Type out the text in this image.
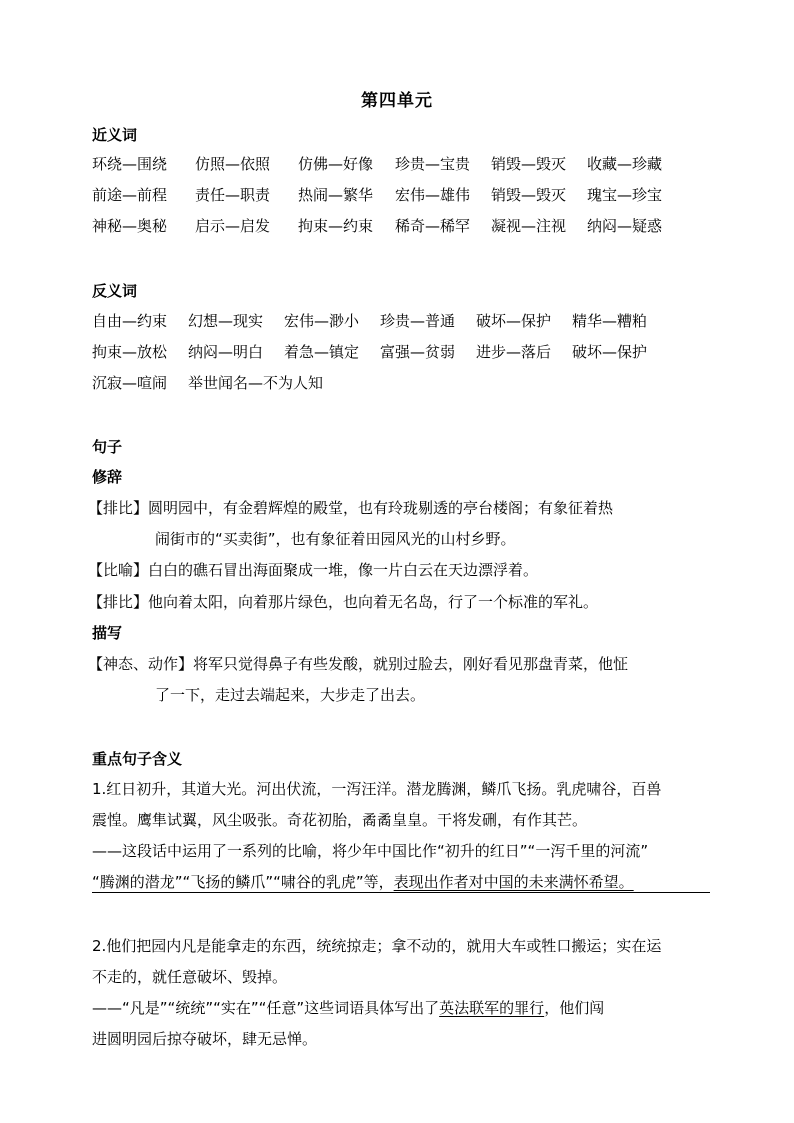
第四单元
近义词
环绕—围绕 仿照—依照 仿佛—好像 珍贵—宝贵 销毁—毁灭 收藏—珍藏
前途—前程 责任—职责 热闹—繁华 宏伟—雄伟 销毁—毁灭 瑰宝—珍宝
神秘—奥秘 启示—启发 拘束—约束 稀奇—稀罕 凝视—注视 纳闷—疑惑
反义词
自由—约束 幻想—现实 宏伟—渺小 珍贵—普通 破坏—保护 精华—糟粕
拘束—放松 纳闷—明白 着急—镇定 富强—贫弱 进步—落后 破坏—保护
沉寂—喧闹 举世闻名—不为人知
句子
修辞
【排比】圆明园中，有金碧辉煌的殿堂，也有玲珑剔透的亭台楼阁；有象征着热
闹街市的“买卖街”，也有象征着田园风光的山村乡野。
【比喻】白白的礁石冒出海面聚成一堆，像一片白云在天边漂浮着。
【排比】他向着太阳，向着那片绿色，也向着无名岛，行了一个标准的军礼。
描写
【神态、动作】将军只觉得鼻子有些发酸，就别过脸去，刚好看见那盘青菜，他怔
了一下，走过去端起来，大步走了出去。
重点句子含义
1.红日初升，其道大光。河出伏流，一泻汪洋。潜龙腾渊，鳞爪飞扬。乳虎啸谷，百兽
震惶。鹰隼试翼，风尘吸张。奇花初胎，矞矞皇皇。干将发硎，有作其芒。
——这段话中运用了一系列的比喻，将少年中国比作“初升的红日”“一泻千里的河流”
“腾渊的潜龙”“飞扬的鳞爪”“啸谷的乳虎”等，表现出作者对中国的未来满怀希望。
2.他们把园内凡是能拿走的东西，统统掠走；拿不动的，就用大车或牲口搬运；实在运
不走的，就任意破坏、毁掉。
——“凡是”“统统”“实在”“任意”这些词语具体写出了英法联军的罪行，他们闯
进圆明园后掠夺破坏，肆无忌惮。
